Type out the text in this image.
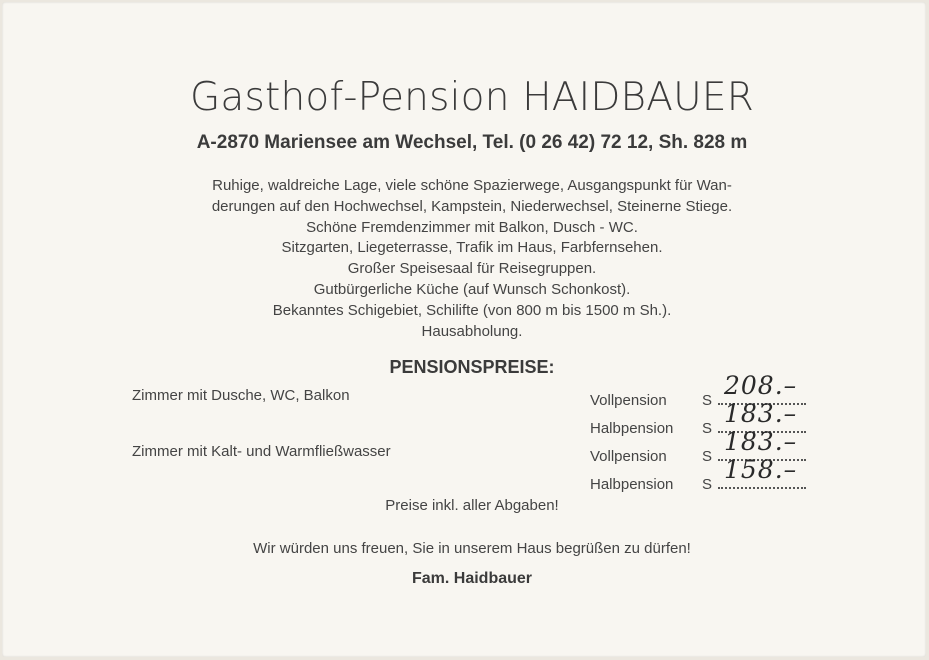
Gasthof-Pension HAIDBAUER
A-2870 Mariensee am Wechsel, Tel. (0 26 42) 72 12, Sh. 828 m
Ruhige, waldreiche Lage, viele schöne Spazierwege, Ausgangspunkt für Wan-
derungen auf den Hochwechsel, Kampstein, Niederwechsel, Steinerne Stiege.
Schöne Fremdenzimmer mit Balkon, Dusch - WC.
Sitzgarten, Liegeterrasse, Trafik im Haus, Farbfernsehen.
Großer Speisesaal für Reisegruppen.
Gutbürgerliche Küche (auf Wunsch Schonkost).
Bekanntes Schigebiet, Schilifte (von 800 m bis 1500 m Sh.).
Hausabholung.
PENSIONSPREISE:
Zimmer mit Dusche, WC, Balkon	Vollpension S
208.–
Halbpension S
183.–
Zimmer mit Kalt- und Warmfließwasser	Vollpension S
183.–
Halbpension S
158.–
Preise inkl. aller Abgaben!
Wir würden uns freuen, Sie in unserem Haus begrüßen zu dürfen!
Fam. Haidbauer
